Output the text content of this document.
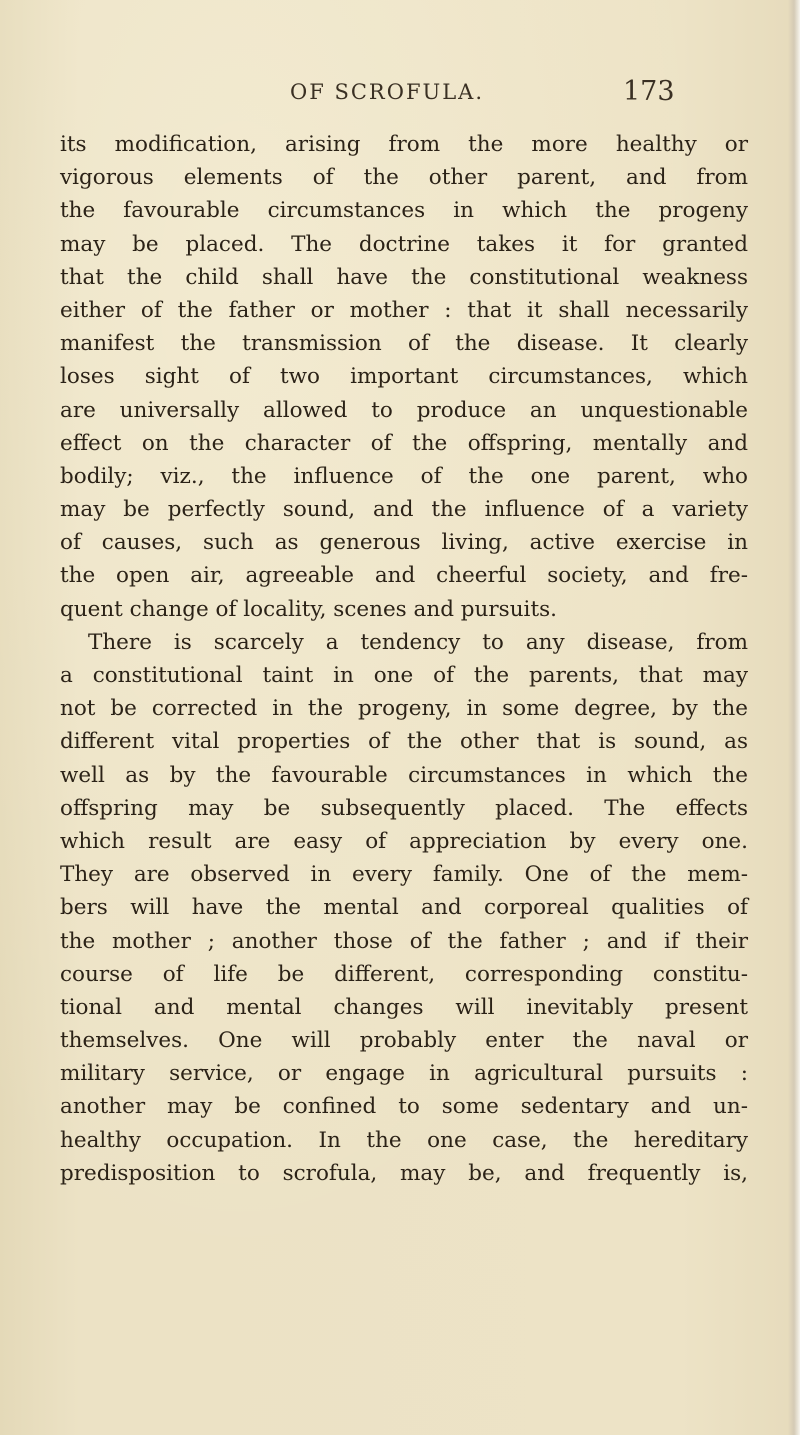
OF SCROFULA.	173
its modification, arising from the more healthy or
vigorous elements of the other parent, and from
the favourable circumstances in which the progeny
may be placed. The doctrine takes it for granted
that the child shall have the constitutional weakness
either of the father or mother : that it shall necessarily
manifest the transmission of the disease. It clearly
loses sight of two important circumstances, which
are universally allowed to produce an unquestionable
effect on the character of the offspring, mentally and
bodily; viz., the influence of the one parent, who
may be perfectly sound, and the influence of a variety
of causes, such as generous living, active exercise in
the open air, agreeable and cheerful society, and fre-
quent change of locality, scenes and pursuits.
There is scarcely a tendency to any disease, from
a constitutional taint in one of the parents, that may
not be corrected in the progeny, in some degree, by the
different vital properties of the other that is sound, as
well as by the favourable circumstances in which the
offspring may be subsequently placed. The effects
which result are easy of appreciation by every one.
They are observed in every family. One of the mem-
bers will have the mental and corporeal qualities of
the mother ; another those of the father ; and if their
course of life be different, corresponding constitu-
tional and mental changes will inevitably present
themselves. One will probably enter the naval or
military service, or engage in agricultural pursuits :
another may be confined to some sedentary and un-
healthy occupation. In the one case, the hereditary
predisposition to scrofula, may be, and frequently is,
